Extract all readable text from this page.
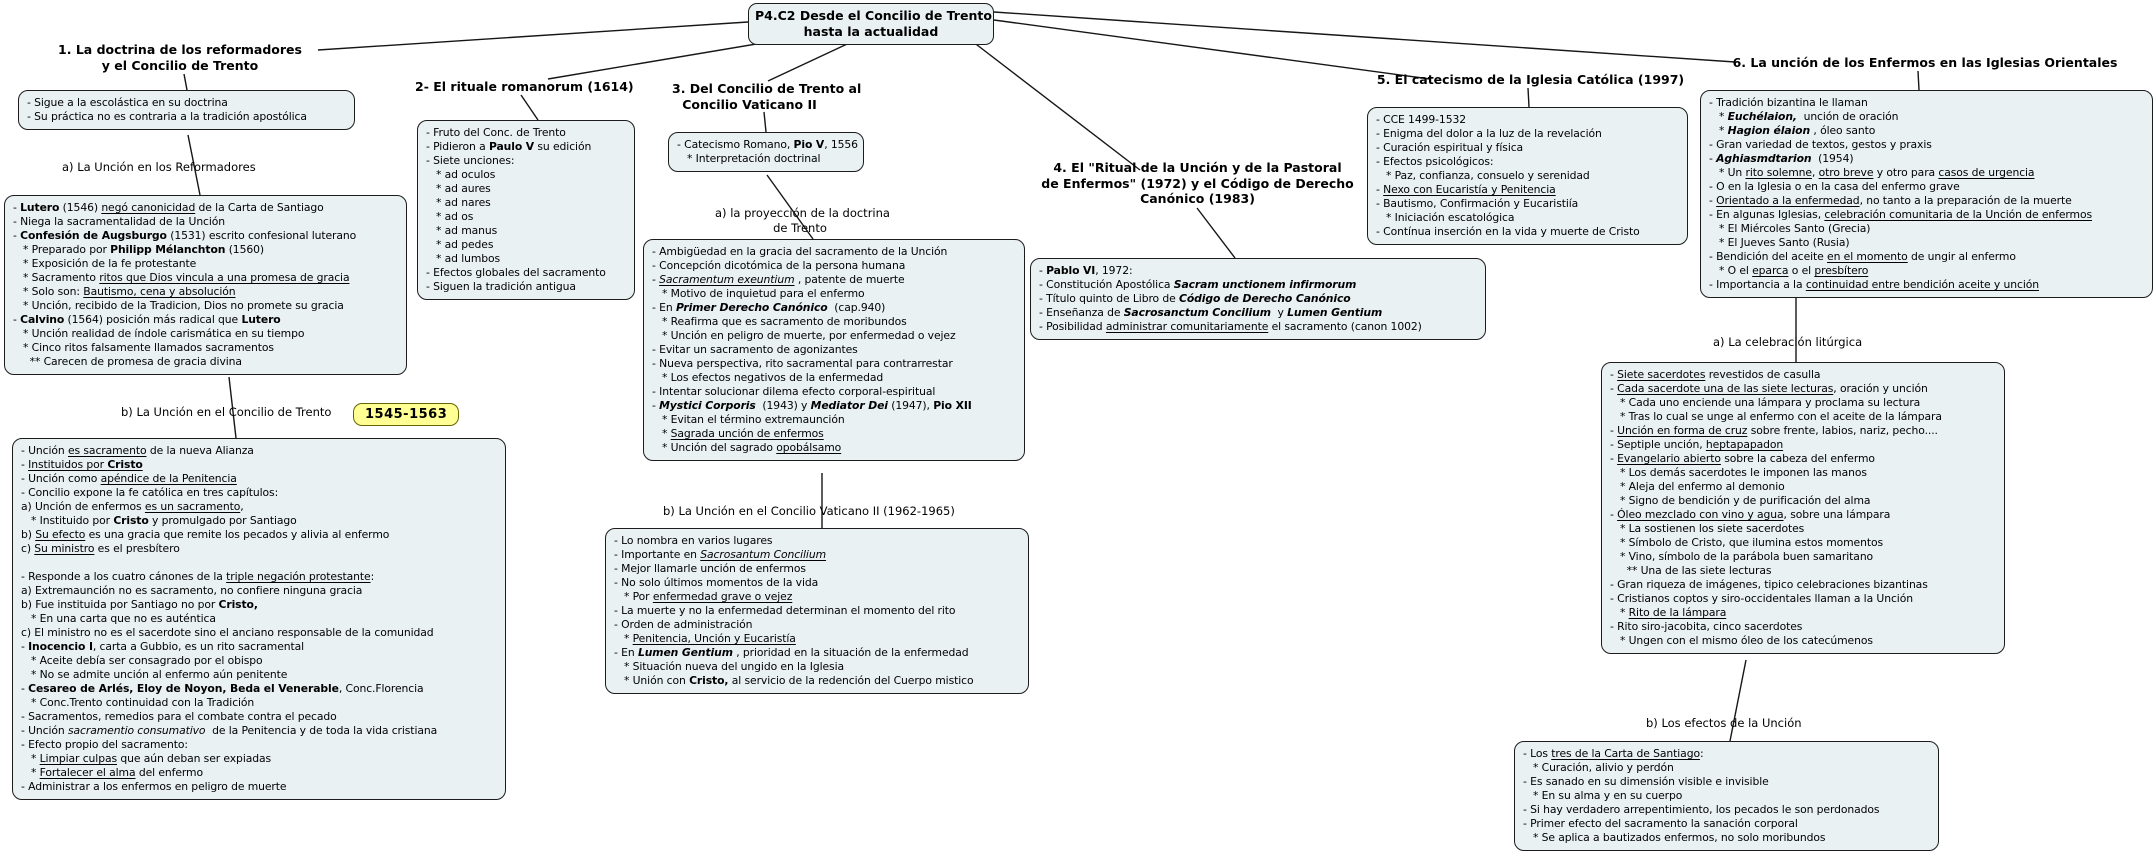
P4.C2 Desde el Concilio de Trento
hasta la actualidad
1. La doctrina de los reformadores
y el Concilio de Trento
- Sigue a la escolástica en su doctrina
- Su práctica no es contraria a la tradición apostólica
a) La Unción en los Reformadores
- Lutero (1546) negó canonicidad de la Carta de Santiago
- Niega la sacramentalidad de la Unción
- Confesión de Augsburgo (1531) escrito confesional luterano
* Preparado por Philipp Mélanchton (1560)
* Exposición de la fe protestante
* Sacramento ritos que Dios vincula a una promesa de gracia
* Solo son: Bautismo, cena y absolución
* Unción, recibido de la Tradicion, Dios no promete su gracia
- Calvino (1564) posición más radical que Lutero
* Unción realidad de índole carismática en su tiempo
* Cinco ritos falsamente llamados sacramentos
** Carecen de promesa de gracia divina
b) La Unción en el Concilio de Trento	1545-1563
- Unción es sacramento de la nueva Alianza
- Instituidos por Cristo
- Unción como apéndice de la Penitencia
- Concilio expone la fe católica en tres capítulos:
a) Unción de enfermos es un sacramento,
* Instituido por Cristo y promulgado por Santiago
b) Su efecto es una gracia que remite los pecados y alivia al enfermo
c) Su ministro es el presbítero
- Responde a los cuatro cánones de la triple negación protestante:
a) Extremaunción no es sacramento, no confiere ninguna gracia
b) Fue instituida por Santiago no por Cristo,
* En una carta que no es auténtica
c) El ministro no es el sacerdote sino el anciano responsable de la comunidad
- Inocencio I, carta a Gubbio, es un rito sacramental
* Aceite debía ser consagrado por el obispo
* No se admite unción al enfermo aún penitente
- Cesareo de Arlés, Eloy de Noyon, Beda el Venerable, Conc.Florencia
* Conc.Trento continuidad con la Tradición
- Sacramentos, remedios para el combate contra el pecado
- Unción sacramentio consumativo  de la Penitencia y de toda la vida cristiana
- Efecto propio del sacramento:
* Limpiar culpas que aún deban ser expiadas
* Fortalecer el alma del enfermo
- Administrar a los enfermos en peligro de muerte
2- El rituale romanorum (1614)
- Fruto del Conc. de Trento
- Pidieron a Paulo V su edición
- Siete unciones:
* ad oculos
* ad aures
* ad nares
* ad os
* ad manus
* ad pedes
* ad lumbos
- Efectos globales del sacramento
- Siguen la tradición antigua
3. Del Concilio de Trento al
Concilio Vaticano II
- Catecismo Romano, Pio V, 1556
* Interpretación doctrinal
a) la proyección de la doctrina
de Trento
- Ambigüedad en la gracia del sacramento de la Unción
- Concepción dicotómica de la persona humana
- Sacramentum exeuntium , patente de muerte
* Motivo de inquietud para el enfermo
- En Primer Derecho Canónico  (cap.940)
* Reafirma que es sacramento de moribundos
* Unción en peligro de muerte, por enfermedad o vejez
- Evitar un sacramento de agonizantes
- Nueva perspectiva, rito sacramental para contrarrestar
* Los efectos negativos de la enfermedad
- Intentar solucionar dilema efecto corporal-espiritual
- Mystici Corporis  (1943) y Mediator Dei (1947), Pio XII
* Evitan el término extremaunción
* Sagrada unción de enfermos
* Unción del sagrado opobálsamo
b) La Unción en el Concilio Vaticano II (1962-1965)
- Lo nombra en varios lugares
- Importante en Sacrosantum Concilium
- Mejor llamarle unción de enfermos
- No solo últimos momentos de la vida
* Por enfermedad grave o vejez
- La muerte y no la enfermedad determinan el momento del rito
- Orden de administración
* Penitencia, Unción y Eucaristía
- En Lumen Gentium , prioridad en la situación de la enfermedad
* Situación nueva del ungido en la Iglesia
* Unión con Cristo, al servicio de la redención del Cuerpo mistico
4. El "Ritual de la Unción y de la Pastoral
de Enfermos" (1972) y el Código de Derecho
Canónico (1983)
- Pablo VI, 1972:
- Constitución Apostólica Sacram unctionem infirmorum
- Título quinto de Libro de Código de Derecho Canónico
- Enseñanza de Sacrosanctum Concilium  y Lumen Gentium
- Posibilidad administrar comunitariamente el sacramento (canon 1002)
5. El catecismo de la Iglesia Católica (1997)
- CCE 1499-1532
- Enigma del dolor a la luz de la revelación
- Curación espiritual y física
- Efectos psicológicos:
* Paz, confianza, consuelo y serenidad
- Nexo con Eucaristía y Penitencia
- Bautismo, Confirmación y Eucaristiía
* Iniciación escatológica
- Contínua inserción en la vida y muerte de Cristo
6. La unción de los Enfermos en las Iglesias Orientales
- Tradición bizantina le llaman
* Euchélaion,  unción de oración
* Hagion élaion , óleo santo
- Gran variedad de textos, gestos y praxis
- Aghiasmdtarion  (1954)
* Un rito solemne, otro breve y otro para casos de urgencia
- O en la Iglesia o en la casa del enfermo grave
- Orientado a la enfermedad, no tanto a la preparación de la muerte
- En algunas Iglesias, celebración comunitaria de la Unción de enfermos
* El Miércoles Santo (Grecia)
* El Jueves Santo (Rusia)
- Bendición del aceite en el momento de ungir al enfermo
* O el eparca o el presbítero
- Importancia a la continuidad entre bendición aceite y unción
a) La celebración litúrgica
- Siete sacerdotes revestidos de casulla
- Cada sacerdote una de las siete lecturas, oración y unción
* Cada uno enciende una lámpara y proclama su lectura
* Tras lo cual se unge al enfermo con el aceite de la lámpara
- Unción en forma de cruz sobre frente, labios, nariz, pecho....
- Septiple unción, heptapapadon
- Evangelario abierto sobre la cabeza del enfermo
* Los demás sacerdotes le imponen las manos
* Aleja del enfermo al demonio
* Signo de bendición y de purificación del alma
- Óleo mezclado con vino y agua, sobre una lámpara
* La sostienen los siete sacerdotes
* Símbolo de Cristo, que ilumina estos momentos
* Vino, símbolo de la parábola buen samaritano
** Una de las siete lecturas
- Gran riqueza de imágenes, tipico celebraciones bizantinas
- Cristianos coptos y siro-occidentales llaman a la Unción
* Rito de la lámpara
- Rito siro-jacobita, cinco sacerdotes
* Ungen con el mismo óleo de los catecúmenos
b) Los efectos de la Unción
- Los tres de la Carta de Santiago:
* Curación, alivio y perdón
- Es sanado en su dimensión visible e invisible
* En su alma y en su cuerpo
- Si hay verdadero arrepentimiento, los pecados le son perdonados
- Primer efecto del sacramento la sanación corporal
* Se aplica a bautizados enfermos, no solo moribundos
